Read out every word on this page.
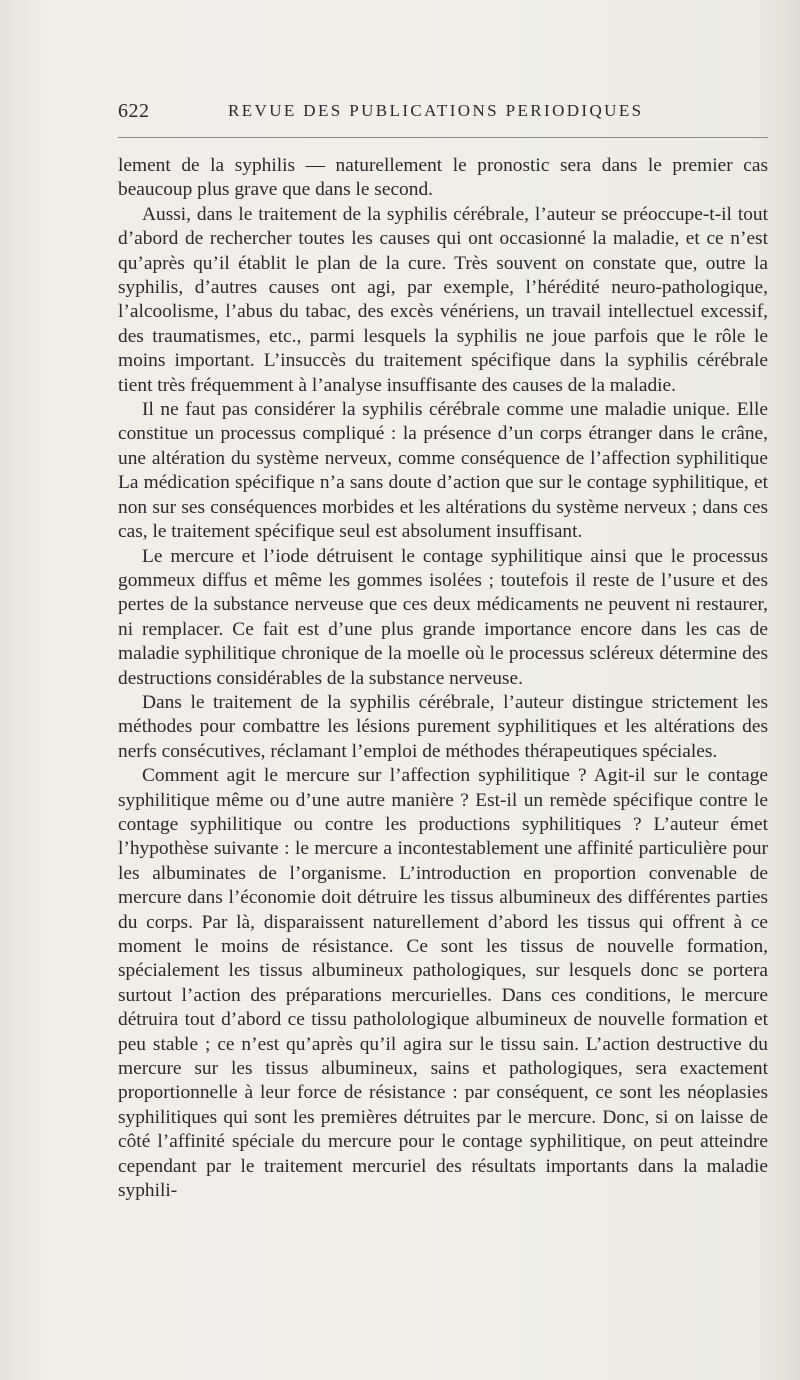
622	REVUE DES PUBLICATIONS PERIODIQUES

lement de la syphilis — naturellement le pronostic sera dans le premier cas beaucoup plus grave que dans le second.

Aussi, dans le traitement de la syphilis cérébrale, l’auteur se préoccupe-t-il tout d’abord de rechercher toutes les causes qui ont occasionné la maladie, et ce n’est qu’après qu’il établit le plan de la cure. Très souvent on constate que, outre la syphilis, d’autres causes ont agi, par exemple, l’hérédité neuro-pathologique, l’alcoolisme, l’abus du tabac, des excès vénériens, un travail intellectuel excessif, des traumatismes, etc., parmi lesquels la syphilis ne joue parfois que le rôle le moins important. L’insuccès du traitement spécifique dans la syphilis cérébrale tient très fréquemment à l’analyse insuffisante des causes de la maladie.

Il ne faut pas considérer la syphilis cérébrale comme une maladie unique. Elle constitue un processus compliqué : la présence d’un corps étranger dans le crâne, une altération du système nerveux, comme conséquence de l’affection syphilitique La médication spécifique n’a sans doute d’action que sur le contage syphilitique, et non sur ses conséquences morbides et les altérations du système nerveux ; dans ces cas, le traitement spécifique seul est absolument insuffisant.

Le mercure et l’iode détruisent le contage syphilitique ainsi que le processus gommeux diffus et même les gommes isolées ; toutefois il reste de l’usure et des pertes de la substance nerveuse que ces deux médicaments ne peuvent ni restaurer, ni remplacer. Ce fait est d’une plus grande importance encore dans les cas de maladie syphilitique chronique de la moelle où le processus scléreux détermine des destructions considérables de la substance nerveuse.

Dans le traitement de la syphilis cérébrale, l’auteur distingue strictement les méthodes pour combattre les lésions purement syphilitiques et les altérations des nerfs consécutives, réclamant l’emploi de méthodes thérapeutiques spéciales.

Comment agit le mercure sur l’affection syphilitique ? Agit-il sur le contage syphilitique même ou d’une autre manière ? Est-il un remède spécifique contre le contage syphilitique ou contre les productions syphilitiques ? L’auteur émet l’hypothèse suivante : le mercure a incontestablement une affinité particulière pour les albuminates de l’organisme. L’introduction en proportion convenable de mercure dans l’économie doit détruire les tissus albumineux des différentes parties du corps. Par là, disparaissent naturellement d’abord les tissus qui offrent à ce moment le moins de résistance. Ce sont les tissus de nouvelle formation, spécialement les tissus albumineux pathologiques, sur lesquels donc se portera surtout l’action des préparations mercurielles. Dans ces conditions, le mercure détruira tout d’abord ce tissu patholologique albumineux de nouvelle formation et peu stable ; ce n’est qu’après qu’il agira sur le tissu sain. L’action destructive du mercure sur les tissus albumineux, sains et pathologiques, sera exactement proportionnelle à leur force de résistance : par conséquent, ce sont les néoplasies syphilitiques qui sont les premières détruites par le mercure. Donc, si on laisse de côté l’affinité spéciale du mercure pour le contage syphilitique, on peut atteindre cependant par le traitement mercuriel des résultats importants dans la maladie syphili-
